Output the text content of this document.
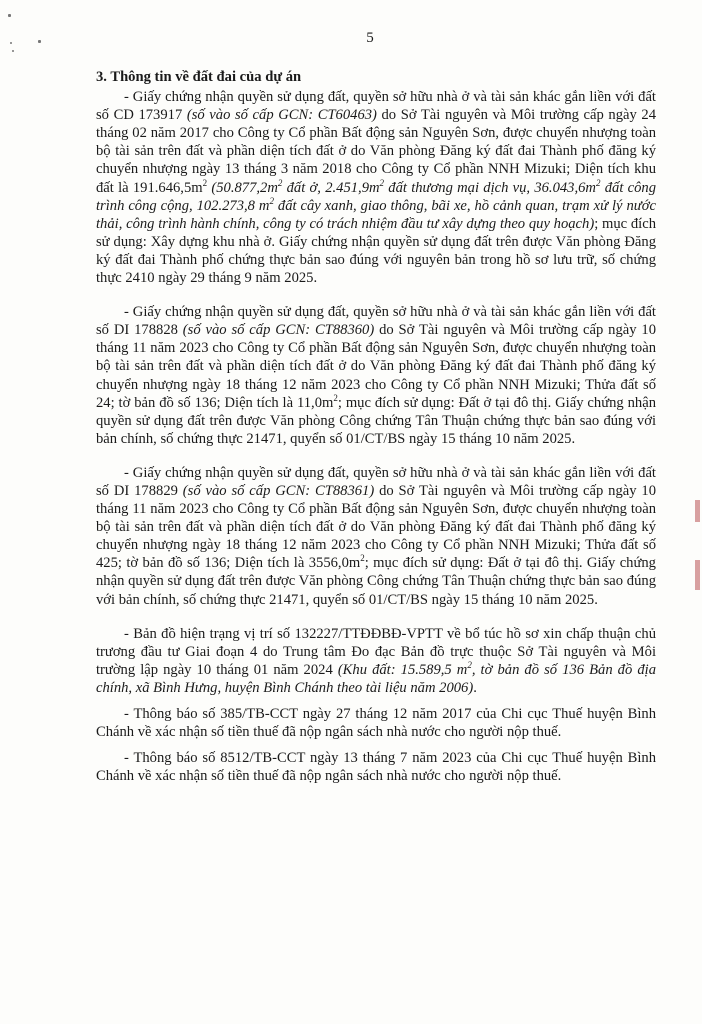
5
3. Thông tin về đất đai của dự án

- Giấy chứng nhận quyền sử dụng đất, quyền sở hữu nhà ở và tài sản khác gắn liền với đất số CD 173917 (số vào số cấp GCN: CT60463) do Sở Tài nguyên và Môi trường cấp ngày 24 tháng 02 năm 2017 cho Công ty Cổ phần Bất động sản Nguyên Sơn, được chuyển nhượng toàn bộ tài sản trên đất và phần diện tích đất ở do Văn phòng Đăng ký đất đai Thành phố đăng ký chuyển nhượng ngày 13 tháng 3 năm 2018 cho Công ty Cổ phần NNH Mizuki; Diện tích khu đất là $191.646,5m^2$ ($50.877,2m^2$ đất ở, $2.451,9m^2$ đất thương mại dịch vụ, $36.043,6m^2$ đất công trình công cộng, 102.273,8 $m^2$ đất cây xanh, giao thông, bãi xe, hồ cảnh quan, trạm xử lý nước thải, công trình hành chính, công ty có trách nhiệm đầu tư xây dựng theo quy hoạch); mục đích sử dụng: Xây dựng khu nhà ở. Giấy chứng nhận quyền sử dụng đất trên được Văn phòng Đăng ký đất đai Thành phố chứng thực bản sao đúng với nguyên bản trong hồ sơ lưu trữ, số chứng thực 2410 ngày 29 tháng 9 năm 2025.

- Giấy chứng nhận quyền sử dụng đất, quyền sở hữu nhà ở và tài sản khác gắn liền với đất số DI 178828 (số vào số cấp GCN: CT88360) do Sở Tài nguyên và Môi trường cấp ngày 10 tháng 11 năm 2023 cho Công ty Cổ phần Bất động sản Nguyên Sơn, được chuyển nhượng toàn bộ tài sản trên đất và phần diện tích đất ở do Văn phòng Đăng ký đất đai Thành phố đăng ký chuyển nhượng ngày 18 tháng 12 năm 2023 cho Công ty Cổ phần NNH Mizuki; Thửa đất số 24; tờ bản đồ số 136; Diện tích là $11,0m^2$; mục đích sử dụng: Đất ở tại đô thị. Giấy chứng nhận quyền sử dụng đất trên được Văn phòng Công chứng Tân Thuận chứng thực bản sao đúng với bản chính, số chứng thực 21471, quyển số 01/CT/BS ngày 15 tháng 10 năm 2025.

- Giấy chứng nhận quyền sử dụng đất, quyền sở hữu nhà ở và tài sản khác gắn liền với đất số DI 178829 (số vào số cấp GCN: CT88361) do Sở Tài nguyên và Môi trường cấp ngày 10 tháng 11 năm 2023 cho Công ty Cổ phần Bất động sản Nguyên Sơn, được chuyển nhượng toàn bộ tài sản trên đất và phần diện tích đất ở do Văn phòng Đăng ký đất đai Thành phố đăng ký chuyển nhượng ngày 18 tháng 12 năm 2023 cho Công ty Cổ phần NNH Mizuki; Thửa đất số 425; tờ bản đồ số 136; Diện tích là $3556,0m^2$; mục đích sử dụng: Đất ở tại đô thị. Giấy chứng nhận quyền sử dụng đất trên được Văn phòng Công chứng Tân Thuận chứng thực bản sao đúng với bản chính, số chứng thực 21471, quyển số 01/CT/BS ngày 15 tháng 10 năm 2025.

- Bản đồ hiện trạng vị trí số 132227/TTĐĐBĐ-VPTT về bổ túc hồ sơ xin chấp thuận chủ trương đầu tư Giai đoạn 4 do Trung tâm Đo đạc Bản đồ trực thuộc Sở Tài nguyên và Môi trường lập ngày 10 tháng 01 năm 2024 (Khu đất: 15.589,5 $m^2$, tờ bản đồ số 136 Bản đồ địa chính, xã Bình Hưng, huyện Bình Chánh theo tài liệu năm 2006).

- Thông báo số 385/TB-CCT ngày 27 tháng 12 năm 2017 của Chi cục Thuế huyện Bình Chánh về xác nhận số tiền thuế đã nộp ngân sách nhà nước cho người nộp thuế.

- Thông báo số 8512/TB-CCT ngày 13 tháng 7 năm 2023 của Chi cục Thuế huyện Bình Chánh về xác nhận số tiền thuế đã nộp ngân sách nhà nước cho người nộp thuế.
